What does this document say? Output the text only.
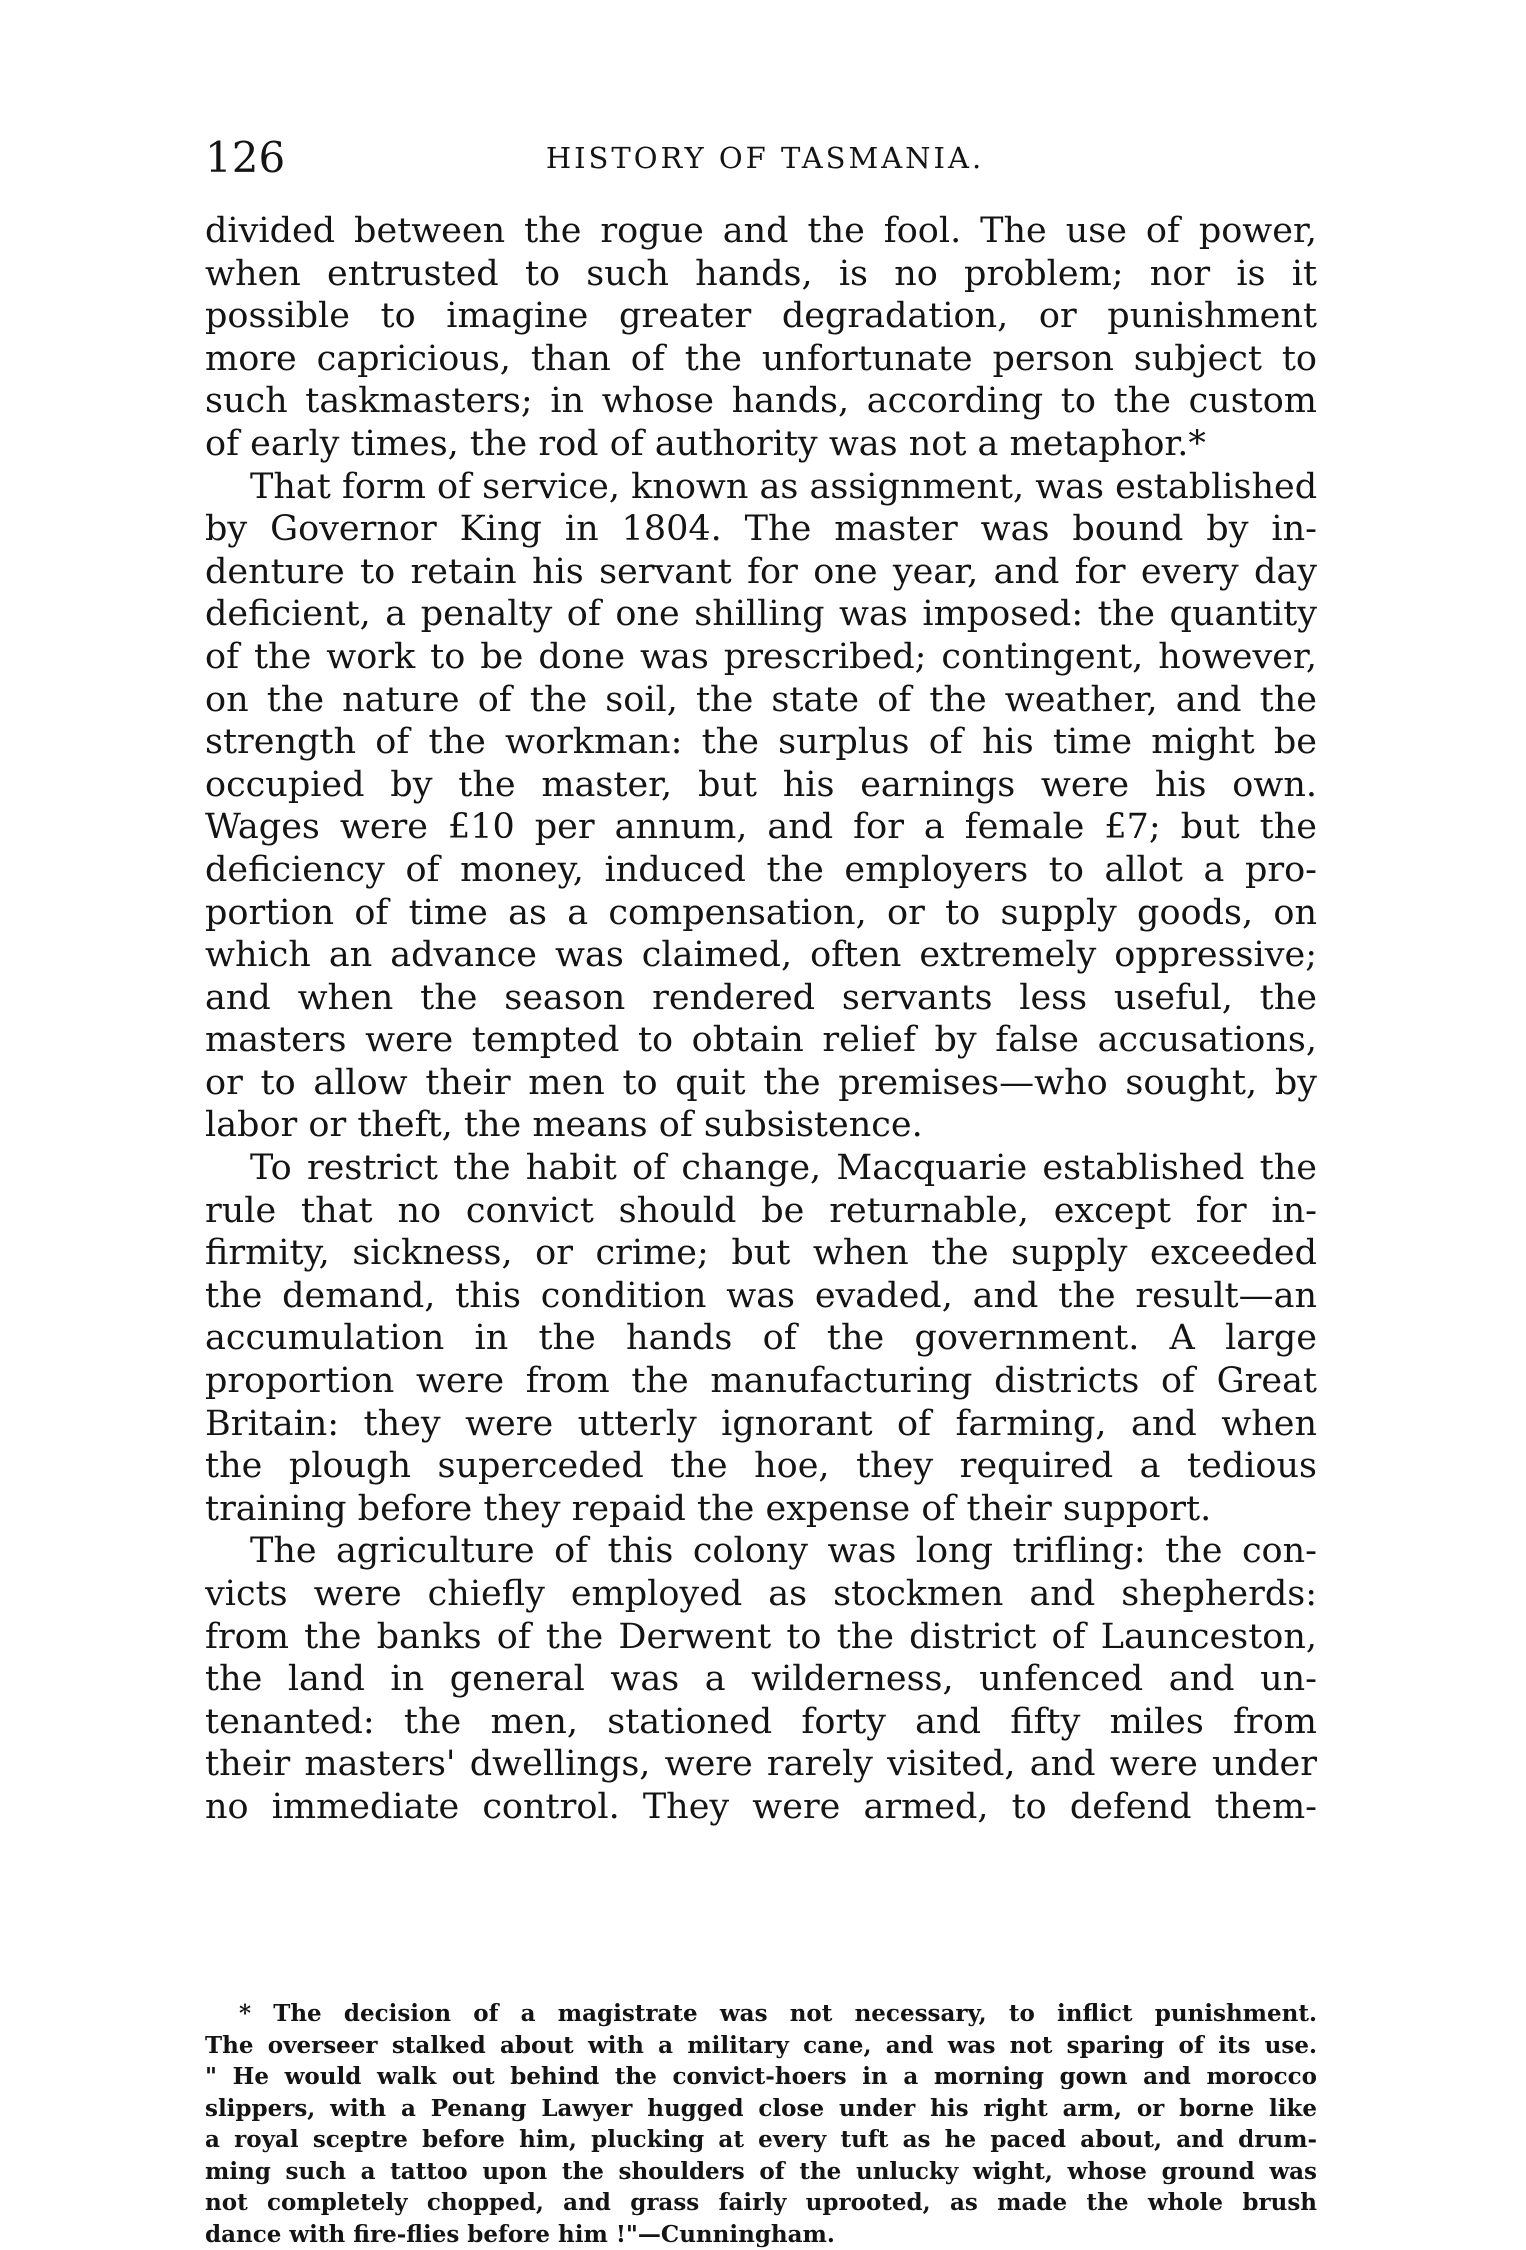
126	HISTORY OF TASMANIA.
divided between the rogue and the fool. The use of power,
when entrusted to such hands, is no problem; nor is it
possible to imagine greater degradation, or punishment
more capricious, than of the unfortunate person subject to
such taskmasters; in whose hands, according to the custom
of early times, the rod of authority was not a metaphor.*
That form of service, known as assignment, was established
by Governor King in 1804. The master was bound by in-
denture to retain his servant for one year, and for every day
deficient, a penalty of one shilling was imposed: the quantity
of the work to be done was prescribed; contingent, however,
on the nature of the soil, the state of the weather, and the
strength of the workman: the surplus of his time might be
occupied by the master, but his earnings were his own.
Wages were £10 per annum, and for a female £7; but the
deficiency of money, induced the employers to allot a pro-
portion of time as a compensation, or to supply goods, on
which an advance was claimed, often extremely oppressive;
and when the season rendered servants less useful, the
masters were tempted to obtain relief by false accusations,
or to allow their men to quit the premises—who sought, by
labor or theft, the means of subsistence.
To restrict the habit of change, Macquarie established the
rule that no convict should be returnable, except for in-
firmity, sickness, or crime; but when the supply exceeded
the demand, this condition was evaded, and the result—an
accumulation in the hands of the government. A large
proportion were from the manufacturing districts of Great
Britain: they were utterly ignorant of farming, and when
the plough superceded the hoe, they required a tedious
training before they repaid the expense of their support.
The agriculture of this colony was long trifling: the con-
victs were chiefly employed as stockmen and shepherds:
from the banks of the Derwent to the district of Launceston,
the land in general was a wilderness, unfenced and un-
tenanted: the men, stationed forty and fifty miles from
their masters' dwellings, were rarely visited, and were under
no immediate control. They were armed, to defend them-
* The decision of a magistrate was not necessary, to inflict punishment.
The overseer stalked about with a military cane, and was not sparing of its use.
" He would walk out behind the convict-hoers in a morning gown and morocco
slippers, with a Penang Lawyer hugged close under his right arm, or borne like
a royal sceptre before him, plucking at every tuft as he paced about, and drum-
ming such a tattoo upon the shoulders of the unlucky wight, whose ground was
not completely chopped, and grass fairly uprooted, as made the whole brush
dance with fire-flies before him !"—Cunningham.
